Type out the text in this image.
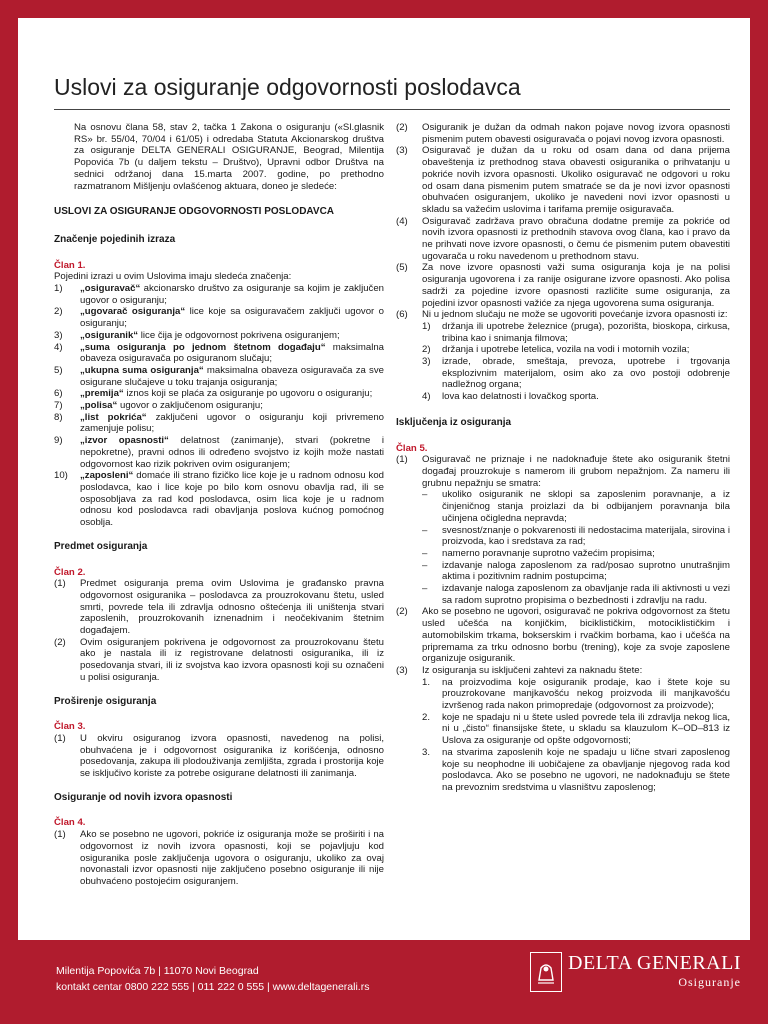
Uslovi za osiguranje odgovornosti poslodavca

Na osnovu člana 58, stav 2, tačka 1 Zakona o osiguranju («Sl.glasnik RS» br. 55/04, 70/04 i 61/05) i odredaba Statuta Akcionarskog društva za osiguranje DELTA GENERALI OSIGURANJE, Beograd, Milentija Popovića 7b (u daljem tekstu – Društvo), Upravni odbor Društva na sednici održanoj dana 15.marta 2007. godine, po prethodno razmatranom Mišljenju ovlašćenog aktuara, doneo je sledeće:

USLOVI ZA OSIGURANJE ODGOVORNOSTI POSLODAVCA

Značenje pojedinih izraza

Član 1.

Pojedini izrazi u ovim Uslovima imaju sledeća značenja:

1)	„osiguravač“ akcionarsko društvo za osiguranje sa kojim je zaključen ugovor o osiguranju;
2)	„ugovarač osiguranja“ lice koje sa osiguravačem zaključi ugovor o osiguranju;
3)	„osiguranik“ lice čija je odgovornost pokrivena osiguranjem;
4)	„suma osiguranja po jednom štetnom događaju“ maksimalna obaveza osiguravača po osiguranom slučaju;
5)	„ukupna suma osiguranja“ maksimalna obaveza osiguravača za sve osigurane slučajeve u toku trajanja osiguranja;
6)	„premija“ iznos koji se plaća za osiguranje po ugovoru o osiguranju;
7)	„polisa“ ugovor o zaključenom osiguranju;
8)	„list pokrića“ zaključeni ugovor o osiguranju koji privremeno zamenjuje polisu;
9)	„izvor opasnosti“ delatnost (zanimanje), stvari (pokretne i nepokretne), pravni odnos ili određeno svojstvo iz kojih može nastati odgovornost kao rizik pokriven ovim osiguranjem;
10)	„zaposleni“ domaće ili strano fizičko lice koje je u radnom odnosu kod poslodavca, kao i lice koje po bilo kom osnovu obavlja rad, ili se osposobljava za rad kod poslodavca, osim lica koje je u radnom odnosu kod poslodavca radi obavljanja poslova kućnog pomoćnog osoblja.

Predmet osiguranja

Član 2.

(1)	Predmet osiguranja prema ovim Uslovima je građansko pravna odgovornost osiguranika – poslodavca za prouzrokovanu štetu, usled smrti, povrede tela ili zdravlja odnosno oštećenja ili uništenja stvari zaposlenih, prouzrokovanih iznenadnim i neočekivanim štetnim događajem.
(2)	Ovim osiguranjem pokrivena je odgovornost za prouzrokovanu štetu ako je nastala ili iz registrovane delatnosti osiguranika, ili iz posedovanja stvari, ili iz svojstva kao izvora opasnosti koji su označeni u polisi osiguranja.

Proširenje osiguranja

Član 3.

(1)	U okviru osiguranog izvora opasnosti, navedenog na polisi, obuhvaćena je i odgovornost osiguranika iz korišćenja, odnosno posedovanja, zakupa ili plodouživanja zemljišta, zgrada i prostorija koje se isključivo koriste za potrebe osigurane delatnosti ili zanimanja.

Osiguranje od novih izvora opasnosti

Član 4.

(1)	Ako se posebno ne ugovori, pokriće iz osiguranja može se proširiti i na odgovornost iz novih izvora opasnosti, koji se pojavljuju kod osiguranika posle zaključenja ugovora o osiguranju, ukoliko za ovaj novonastali izvor opasnosti nije zaključeno posebno osiguranje ili nije obuhvaćeno postojećim osiguranjem.
(2)	Osiguranik je dužan da odmah nakon pojave novog izvora opasnosti pismenim putem obavesti osiguravača o pojavi novog izvora opasnosti.
(3)	Osiguravač je dužan da u roku od osam dana od dana prijema obaveštenja iz prethodnog stava obavesti osiguranika o prihvatanju u pokriće novih izvora opasnosti. Ukoliko osiguravač ne odgovori u roku od osam dana pismenim putem smatraće se da je novi izvor opasnosti obuhvaćen osiguranjem, ukoliko je navedeni novi izvor opasnosti u skladu sa važećim uslovima i tarifama premije osiguravača.
(4)	Osiguravač zadržava pravo obračuna dodatne premije za pokriće od novih izvora opasnosti iz prethodnih stavova ovog člana, kao i pravo da ne prihvati nove izvore opasnosti, o čemu će pismenim putem obavestiti ugovarača u roku navedenom u prethodnom stavu.
(5)	Za nove izvore opasnosti važi suma osiguranja koja je na polisi osiguranja ugovorena i za ranije osigurane izvore opasnosti. Ako polisa sadrži za pojedine izvore opasnosti različite sume osiguranja, za pojedini izvor opasnosti važiće za njega ugovorena suma osiguranja.
(6)	Ni u jednom slučaju ne može se ugovoriti povećanje izvora opasnosti iz:
1)	držanja ili upotrebe železnice (pruga), pozorišta, bioskopa, cirkusa, tribina kao i snimanja filmova;
2)	držanja i upotrebe letelica, vozila na vodi i motornih vozila;
3)	izrade, obrade, smeštaja, prevoza, upotrebe i trgovanja eksplozivnim materijalom, osim ako za ovo postoji odobrenje nadležnog organa;
4)	lova kao delatnosti i lovačkog sporta.

Isključenja iz osiguranja

Član 5.

(1)	Osiguravač ne priznaje i ne nadoknađuje štete ako osiguranik štetni događaj prouzrokuje s namerom ili grubom nepažnjom. Za nameru ili grubnu nepažnju se smatra:
–	ukoliko osiguranik ne sklopi sa zaposlenim poravnanje, a iz činjeničnog stanja proizlazi da bi odbijanjem poravnanja bila učinjena očigledna nepravda;
–	svesnost/znanje o pokvarenosti ili nedostacima materijala, sirovina i proizvoda, kao i sredstava za rad;
–	namerno poravnanje suprotno važećim propisima;
–	izdavanje naloga zaposlenom za rad/posao suprotno unutrašnjim aktima i pozitivnim radnim postupcima;
–	izdavanje naloga zaposlenom za obavljanje rada ili aktivnosti u vezi sa radom suprotno propisima o bezbednosti i zdravlju na radu.
(2)	Ako se posebno ne ugovori, osiguravač ne pokriva odgovornost za štetu usled učešća na konjičkim, biciklističkim, motociklističkim i automobilskim trkama, bokserskim i rvačkim borbama, kao i učešća na pripremama za trku odnosno borbu (trening), koje za svoje zaposlene organizuje osiguranik.
(3)	Iz osiguranja su isključeni zahtevi za naknadu štete:
1.	na proizvodima koje osiguranik prodaje, kao i štete koje su prouzrokovane manjkavošću nekog proizvoda ili manjkavošću izvršenog rada nakon primopredaje (odgovornost za proizvode);
2.	koje ne spadaju ni u štete usled povrede tela ili zdravlja nekog lica, ni u „čisto“ finansijske štete, u skladu sa klauzulom K–OD–813 iz Uslova za osiguranje od opšte odgovornosti;
3.	na stvarima zaposlenih koje ne spadaju u lične stvari zaposlenog koje su neophodne ili uobičajene za obavljanje njegovog rada kod poslodavca. Ako se posebno ne ugovori, ne nadoknađuju se štete na prevoznim sredstvima u vlasništvu zaposlenog;
Milentija Popovića 7b | 11070 Novi Beograd
kontakt centar 0800 222 555 | 011 222 0 555 | www.deltagenerali.rs
DELTA GENERALI
Osiguranje
